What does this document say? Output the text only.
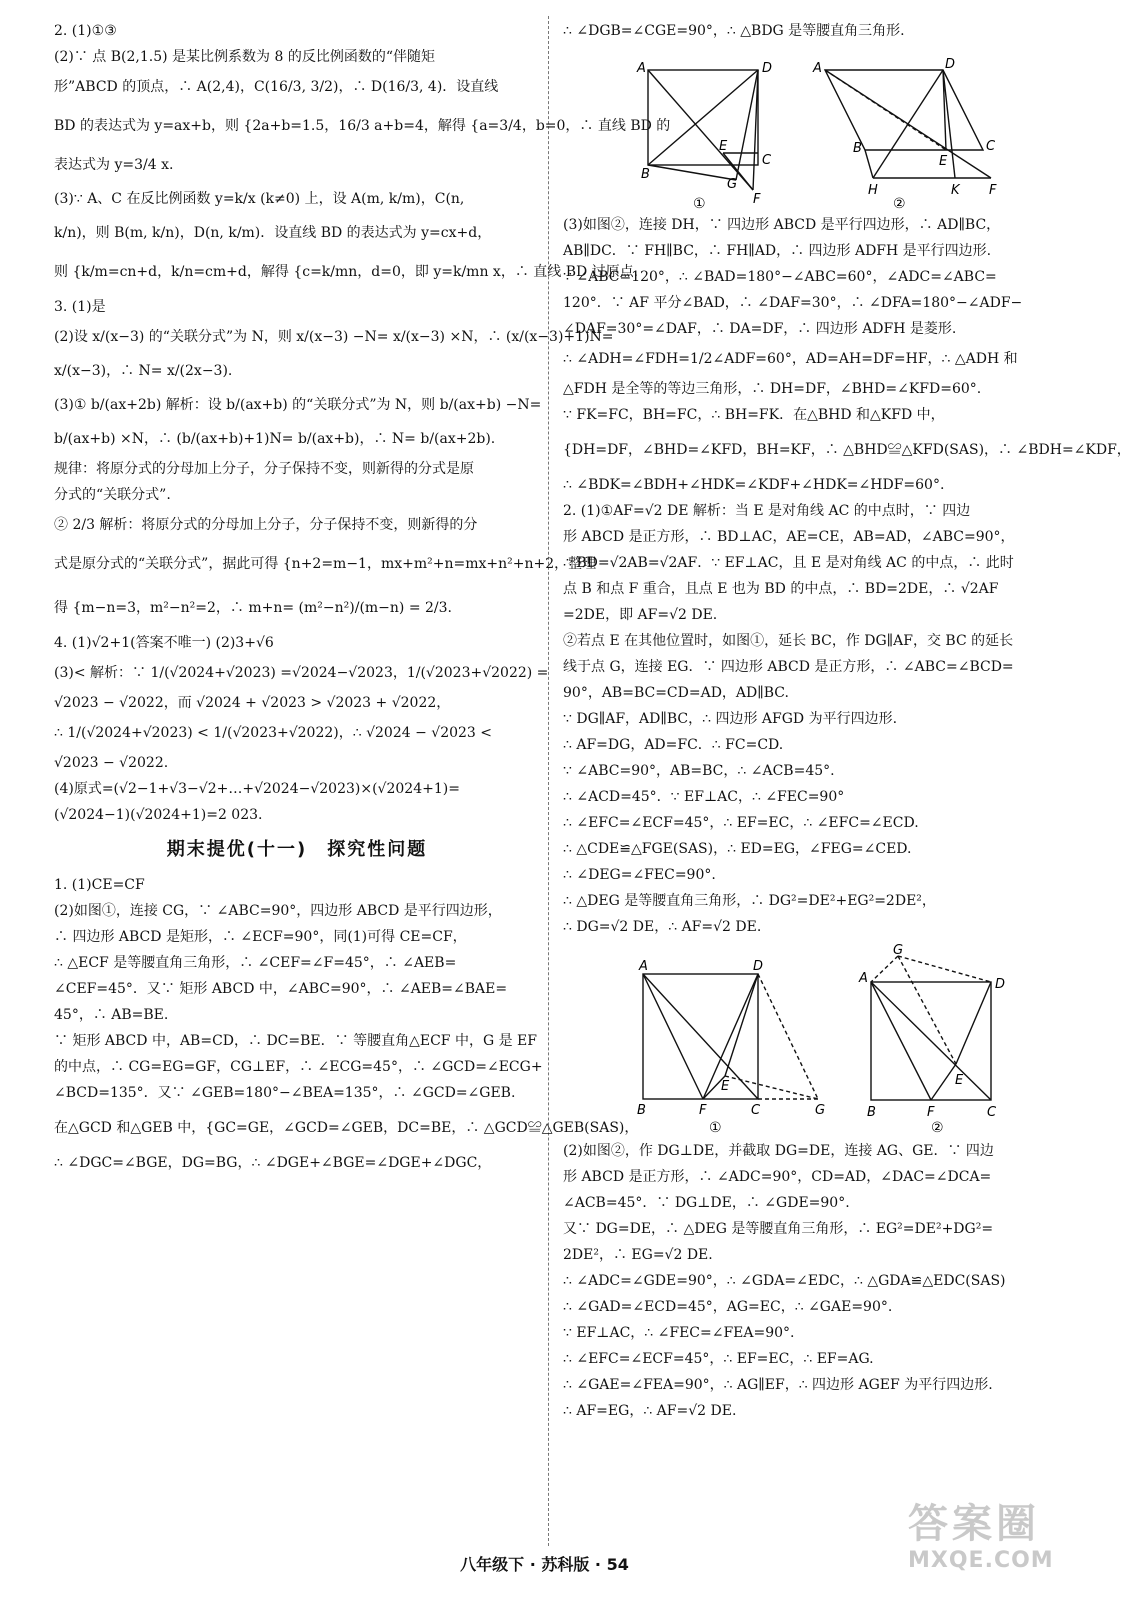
2. (1)①③
(2)∵ 点 B(2,1.5) 是某比例系数为 8 的反比例函数的“伴随矩
形”ABCD 的顶点，∴ A(2,4)，C(16/3, 3/2)，∴ D(16/3, 4)．设直线
BD 的表达式为 y=ax+b，则 {2a+b=1.5，16/3 a+b=4，解得 {a=3/4，b=0，∴ 直线 BD 的
表达式为 y=3/4 x.
(3)∵ A、C 在反比例函数 y=k/x (k≠0) 上，设 A(m, k/m)，C(n,
k/n)，则 B(m, k/n)，D(n, k/m)．设直线 BD 的表达式为 y=cx+d，
则 {k/m=cn+d，k/n=cm+d，解得 {c=k/mn，d=0，即 y=k/mn x，∴ 直线 BD 过原点.
3. (1)是
(2)设 x/(x−3) 的“关联分式”为 N，则 x/(x−3) −N= x/(x−3) ×N，∴ (x/(x−3)+1)N=
x/(x−3)，∴ N= x/(2x−3).
(3)① b/(ax+2b) 解析：设 b/(ax+b) 的“关联分式”为 N，则 b/(ax+b) −N=
b/(ax+b) ×N，∴ (b/(ax+b)+1)N= b/(ax+b)，∴ N= b/(ax+2b).
规律：将原分式的分母加上分子，分子保持不变，则新得的分式是原
分式的“关联分式”.
② 2/3 解析：将原分式的分母加上分子，分子保持不变，则新得的分
式是原分式的“关联分式”，据此可得 {n+2=m−1，mx+m²+n=mx+n²+n+2，整理
得 {m−n=3，m²−n²=2，∴ m+n= (m²−n²)/(m−n) = 2/3.
4. (1)√2+1(答案不唯一) (2)3+√6
(3)< 解析：∵ 1/(√2024+√2023) =√2024−√2023，1/(√2023+√2022) =
√2023 − √2022，而 √2024 + √2023 > √2023 + √2022，
∴ 1/(√2024+√2023) < 1/(√2023+√2022)，∴ √2024 − √2023 <
√2023 − √2022.
(4)原式=(√2−1+√3−√2+…+√2024−√2023)×(√2024+1)=
(√2024−1)(√2024+1)=2 023.
期末提优(十一)　探究性问题
1. (1)CE=CF
(2)如图①，连接 CG，∵ ∠ABC=90°，四边形 ABCD 是平行四边形，
∴ 四边形 ABCD 是矩形，∴ ∠ECF=90°，同(1)可得 CE=CF，
∴ △ECF 是等腰直角三角形，∴ ∠CEF=∠F=45°，∴ ∠AEB=
∠CEF=45°．又∵ 矩形 ABCD 中，∠ABC=90°，∴ ∠AEB=∠BAE=
45°，∴ AB=BE.
∵ 矩形 ABCD 中，AB=CD，∴ DC=BE．∵ 等腰直角△ECF 中，G 是 EF
的中点，∴ CG=EG=GF，CG⊥EF，∴ ∠ECG=45°，∴ ∠GCD=∠ECG+
∠BCD=135°．又∵ ∠GEB=180°−∠BEA=135°，∴ ∠GCD=∠GEB.
在△GCD 和△GEB 中，{GC=GE，∠GCD=∠GEB，DC=BE，∴ △GCD≌△GEB(SAS)，
∴ ∠DGC=∠BGE，DG=BG，∴ ∠DGE+∠BGE=∠DGE+∠DGC，
∴ ∠DGB=∠CGE=90°，∴ △BDG 是等腰直角三角形.
A	D
B
C
E
G
F
①
A	D
B	C
E
H	K F
②
(3)如图②，连接 DH，∵ 四边形 ABCD 是平行四边形，∴ AD∥BC，
AB∥DC．∵ FH∥BC，∴ FH∥AD，∴ 四边形 ADFH 是平行四边形.
∵ ∠ABC=120°，∴ ∠BAD=180°−∠ABC=60°，∠ADC=∠ABC=
120°．∵ AF 平分∠BAD，∴ ∠DAF=30°，∴ ∠DFA=180°−∠ADF−
∠DAF=30°=∠DAF，∴ DA=DF，∴ 四边形 ADFH 是菱形.
∴ ∠ADH=∠FDH=1/2∠ADF=60°，AD=AH=DF=HF，∴ △ADH 和
△FDH 是全等的等边三角形，∴ DH=DF，∠BHD=∠KFD=60°.
∵ FK=FC，BH=FC，∴ BH=FK．在△BHD 和△KFD 中，
{DH=DF，∠BHD=∠KFD，BH=KF，∴ △BHD≌△KFD(SAS)，∴ ∠BDH=∠KDF，
∴ ∠BDK=∠BDH+∠HDK=∠KDF+∠HDK=∠HDF=60°.
2. (1)①AF=√2 DE 解析：当 E 是对角线 AC 的中点时，∵ 四边
形 ABCD 是正方形，∴ BD⊥AC，AE=CE，AB=AD，∠ABC=90°，
∴ BD=√2AB=√2AF．∵ EF⊥AC，且 E 是对角线 AC 的中点，∴ 此时
点 B 和点 F 重合，且点 E 也为 BD 的中点，∴ BD=2DE，∴ √2AF
=2DE，即 AF=√2 DE.
②若点 E 在其他位置时，如图①，延长 BC，作 DG∥AF，交 BC 的延长
线于点 G，连接 EG．∵ 四边形 ABCD 是正方形，∴ ∠ABC=∠BCD=
90°，AB=BC=CD=AD，AD∥BC.
∵ DG∥AF，AD∥BC，∴ 四边形 AFGD 为平行四边形.
∴ AF=DG，AD=FC．∴ FC=CD.
∵ ∠ABC=90°，AB=BC，∴ ∠ACB=45°.
∴ ∠ACD=45°．∵ EF⊥AC，∴ ∠FEC=90°
∴ ∠EFC=∠ECF=45°，∴ EF=EC，∴ ∠EFC=∠ECD.
∴ △CDE≌△FGE(SAS)，∴ ED=EG，∠FEG=∠CED.
∴ ∠DEG=∠FEC=90°.
∴ △DEG 是等腰直角三角形，∴ DG²=DE²+EG²=2DE²，
∴ DG=√2 DE，∴ AF=√2 DE.
A	D
B	F	C
E
G
①
G
A	D
B	F	C
E
②
(2)如图②，作 DG⊥DE，并截取 DG=DE，连接 AG、GE．∵ 四边
形 ABCD 是正方形，∴ ∠ADC=90°，CD=AD，∠DAC=∠DCA=
∠ACB=45°．∵ DG⊥DE，∴ ∠GDE=90°.
又∵ DG=DE，∴ △DEG 是等腰直角三角形，∴ EG²=DE²+DG²=
2DE²，∴ EG=√2 DE.
∴ ∠ADC=∠GDE=90°，∴ ∠GDA=∠EDC，∴ △GDA≌△EDC(SAS)
∴ ∠GAD=∠ECD=45°，AG=EC，∴ ∠GAE=90°.
∵ EF⊥AC，∴ ∠FEC=∠FEA=90°.
∴ ∠EFC=∠ECF=45°，∴ EF=EC，∴ EF=AG.
∴ ∠GAE=∠FEA=90°，∴ AG∥EF，∴ 四边形 AGEF 为平行四边形.
∴ AF=EG，∴ AF=√2 DE.
八年级下 · 苏科版 · 54
答案圈
MXQE.COM
